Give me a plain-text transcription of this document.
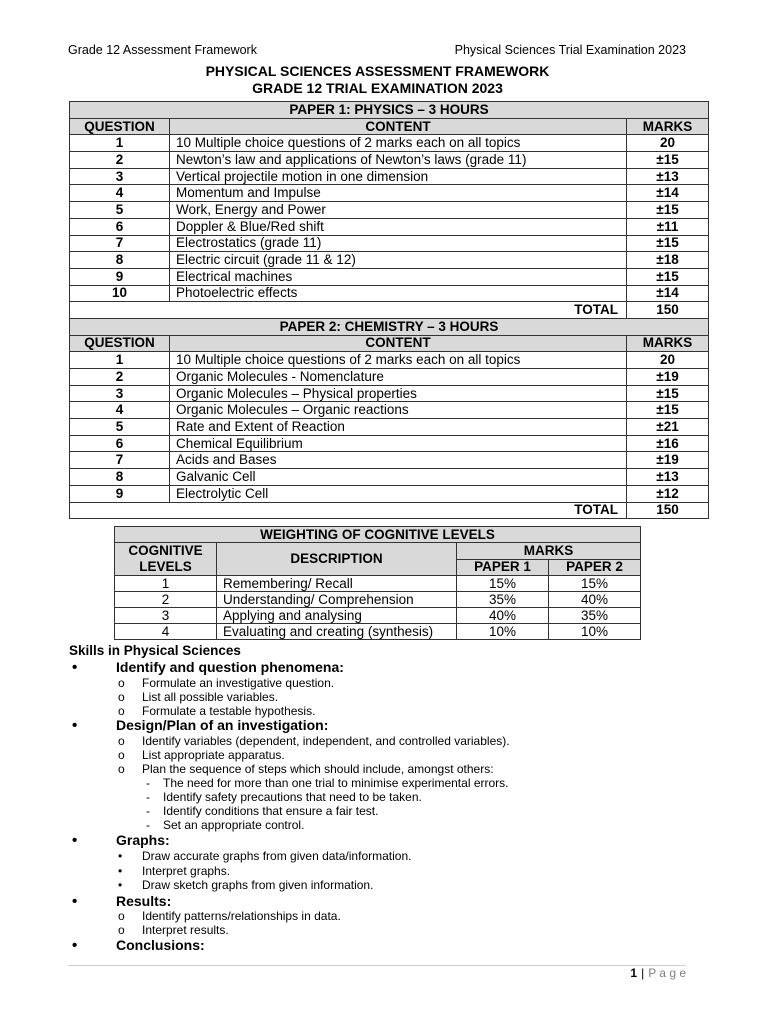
Grade 12 Assessment Framework	Physical Sciences Trial Examination 2023
PHYSICAL SCIENCES ASSESSMENT FRAMEWORK
GRADE 12 TRIAL EXAMINATION 2023
PAPER 1: PHYSICS – 3 HOURS		
QUESTION	CONTENT	MARKS
1	10 Multiple choice questions of 2 marks each on all topics	20
2	Newton’s law and applications of Newton’s laws (grade 11)	±15
3	Vertical projectile motion in one dimension	±13
4	Momentum and Impulse	±14
5	Work, Energy and Power	±15
6	Doppler & Blue/Red shift	±11
7	Electrostatics (grade 11)	±15
8	Electric circuit (grade 11 & 12)	±18
9	Electrical machines	±15
10	Photoelectric effects	±14
TOTAL		150
PAPER 2: CHEMISTRY – 3 HOURS		
QUESTION	CONTENT	MARKS
1	10 Multiple choice questions of 2 marks each on all topics	20
2	Organic Molecules - Nomenclature	±19
3	Organic Molecules – Physical properties	±15
4	Organic Molecules – Organic reactions	±15
5	Rate and Extent of Reaction	±21
6	Chemical Equilibrium	±16
7	Acids and Bases	±19
8	Galvanic Cell	±13
9	Electrolytic Cell	±12
TOTAL		150
WEIGHTING OF COGNITIVE LEVELS			
COGNITIVE LEVELS	DESCRIPTION	MARKS	
		PAPER 1	PAPER 2
1	Remembering/ Recall	15%	15%
2	Understanding/ Comprehension	35%	40%
3	Applying and analysing	40%	35%
4	Evaluating and creating (synthesis)	10%	10%
Skills in Physical Sciences
•	Identify and question phenomena:
o Formulate an investigative question.
o List all possible variables.
o Formulate a testable hypothesis.
•	Design/Plan of an investigation:
o Identify variables (dependent, independent, and controlled variables).
o List appropriate apparatus.
o Plan the sequence of steps which should include, amongst others:
- The need for more than one trial to minimise experimental errors.
- Identify safety precautions that need to be taken.
- Identify conditions that ensure a fair test.
- Set an appropriate control.
•	Graphs:
• Draw accurate graphs from given data/information.
• Interpret graphs.
• Draw sketch graphs from given information.
•	Results:
o Identify patterns/relationships in data.
o Interpret results.
•	Conclusions:
1 | P a g e
